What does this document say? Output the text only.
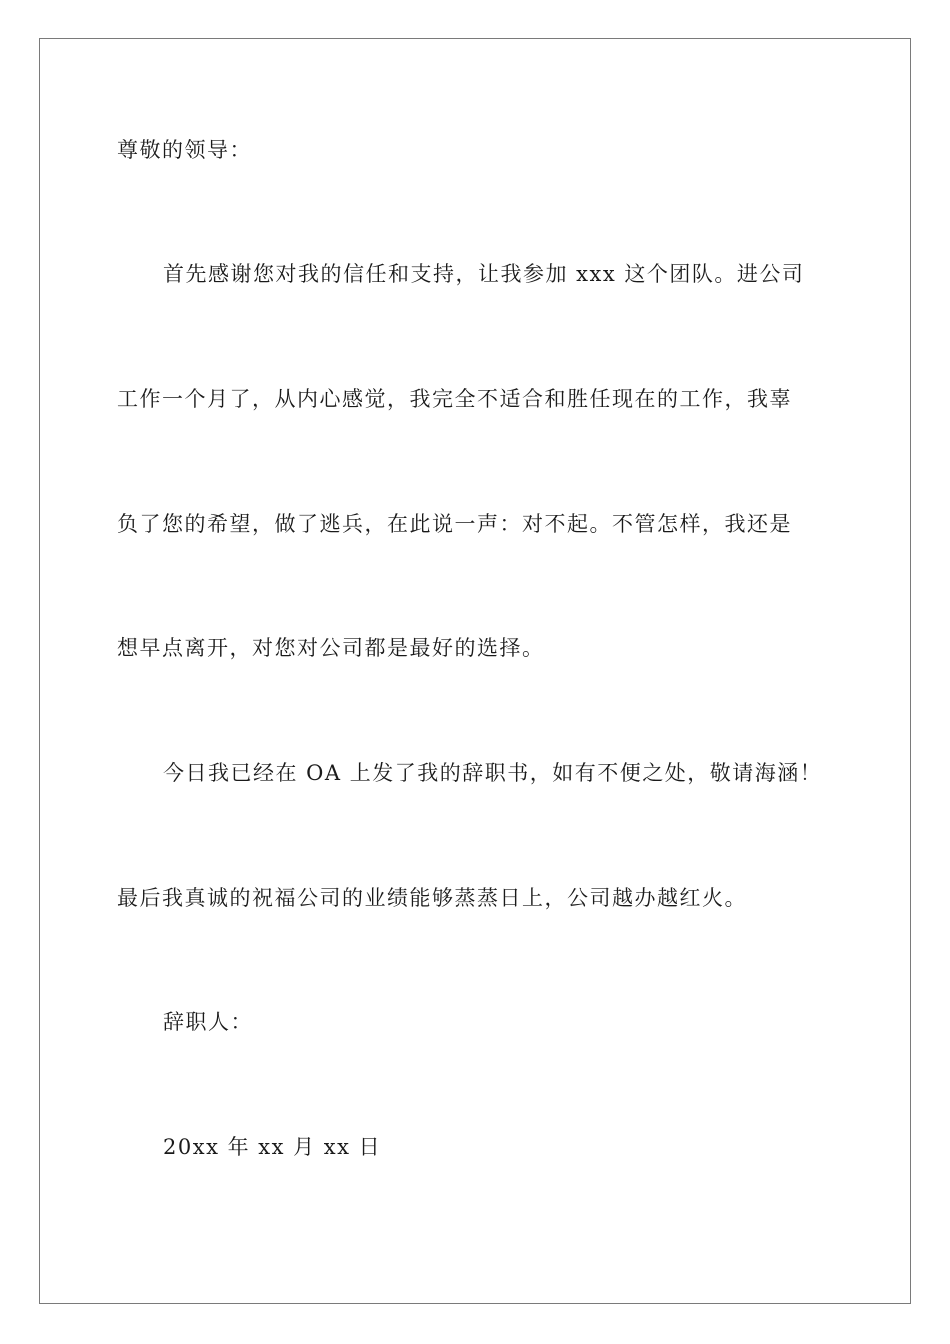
尊敬的领导：
首先感谢您对我的信任和支持，让我参加 xxx 这个团队。进公司
工作一个月了，从内心感觉，我完全不适合和胜任现在的工作，我辜
负了您的希望，做了逃兵，在此说一声：对不起。不管怎样，我还是
想早点离开，对您对公司都是最好的选择。
今日我已经在 OA 上发了我的辞职书，如有不便之处，敬请海涵！
最后我真诚的祝福公司的业绩能够蒸蒸日上，公司越办越红火。
辞职人：
20xx 年 xx 月 xx 日
